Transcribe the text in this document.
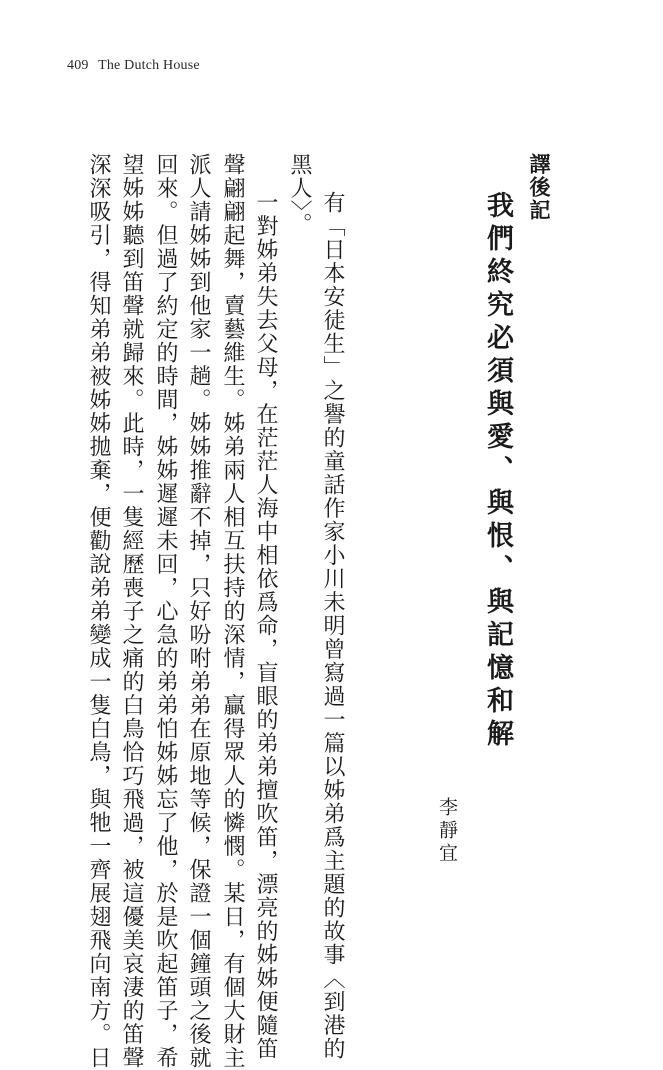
409 The Dutch House
譯後記
我們終究必須與愛、與恨、與記憶和解
李靜宜
有「日本安徒生」之譽的童話作家小川未明曾寫過一篇以姊弟爲主題的故事〈到港的
黑人〉。
一對姊弟失去父母，在茫茫人海中相依爲命，盲眼的弟弟擅吹笛，漂亮的姊姊便隨笛
聲翩翩起舞，賣藝維生。姊弟兩人相互扶持的深情，贏得眾人的憐憫。某日，有個大財主
派人請姊姊到他家一趟。姊姊推辭不掉，只好吩咐弟弟在原地等候，保證一個鐘頭之後就
回來。但過了約定的時間，姊姊遲遲未回，心急的弟弟怕姊姊忘了他，於是吹起笛子，希
望姊姊聽到笛聲就歸來。此時，一隻經歷喪子之痛的白鳥恰巧飛過，被這優美哀淒的笛聲
深深吸引，得知弟弟被姊姊拋棄，便勸說弟弟變成一隻白鳥，與牠一齊展翅飛向南方。日
